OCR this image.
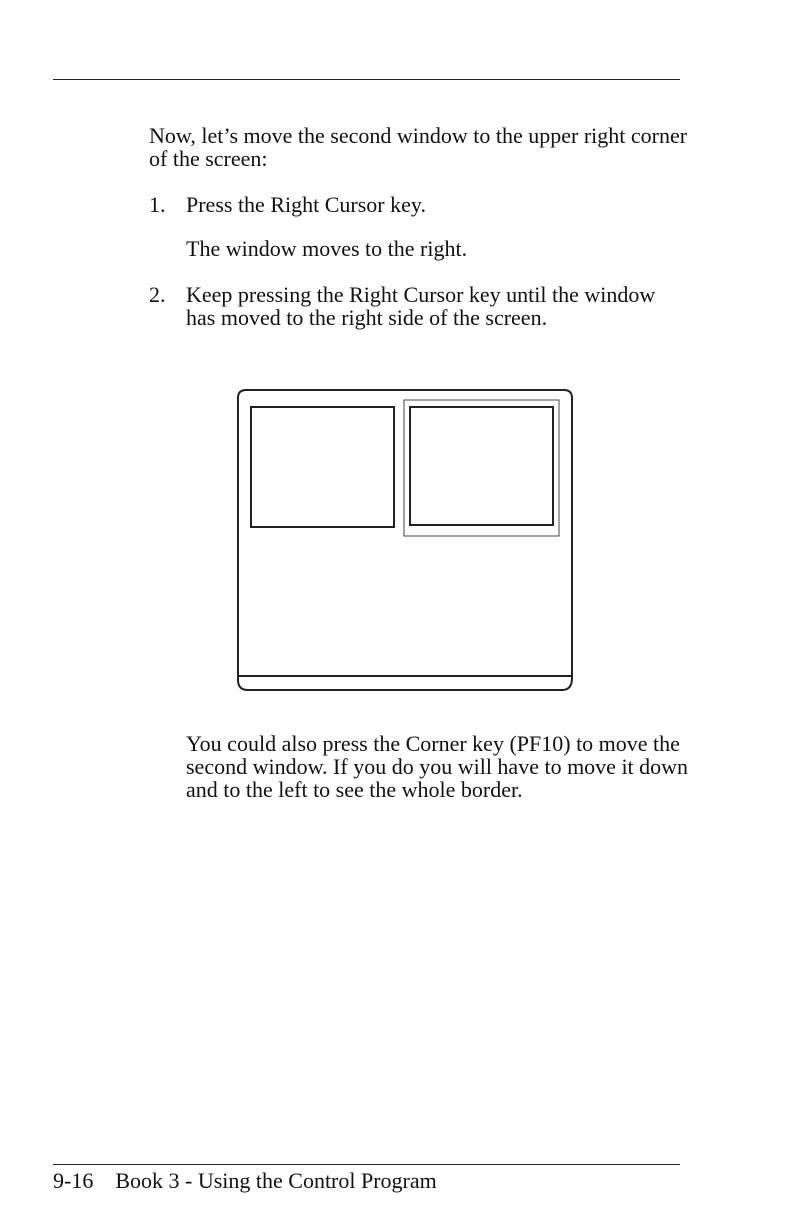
Now, let’s move the second window to the upper right corner of the screen:

1. Press the Right Cursor key.

The window moves to the right.

2. Keep pressing the Right Cursor key until the window has moved to the right side of the screen.

You could also press the Corner key (PF10) to move the second window. If you do you will have to move it down and to the left to see the whole border.

9-16 Book 3 - Using the Control Program
